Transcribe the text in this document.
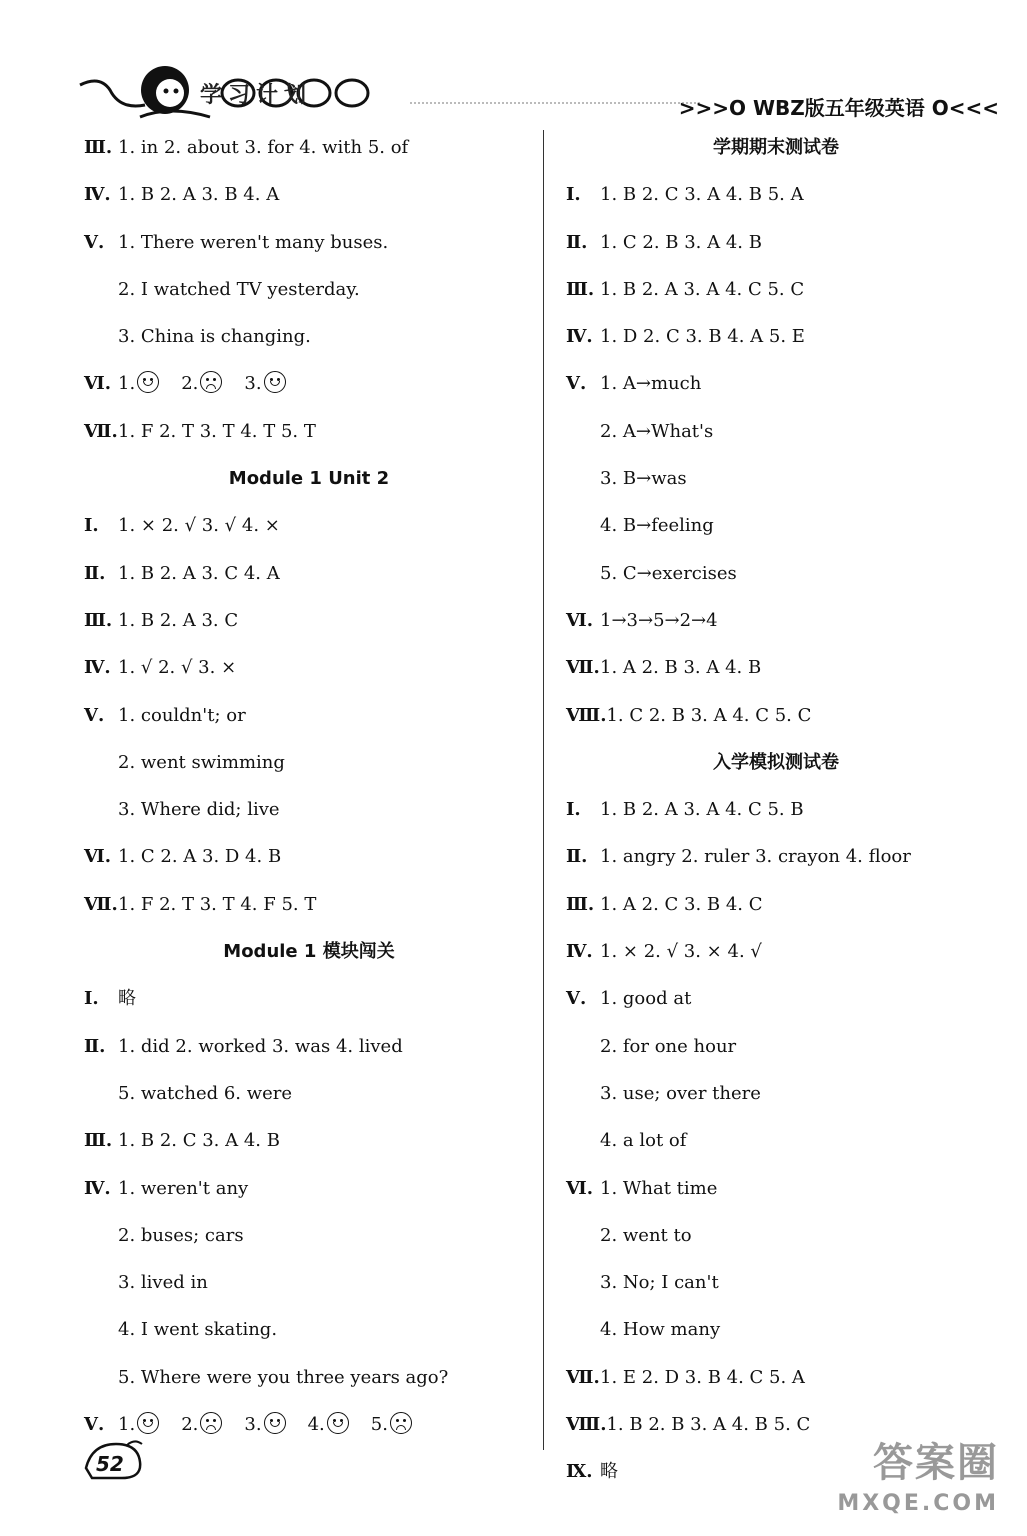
学习计划	>>>O WBZ版五年级英语 O<<<
Ⅲ. 1. in 2. about 3. for 4. with 5. of
Ⅳ. 1. B 2. A 3. B 4. A
Ⅴ. 1. There weren't many buses.
2. I watched TV yesterday.
3. China is changing.
Ⅵ. 1.	2.	3.
Ⅶ.1. F 2. T 3. T 4. T 5. T
Module 1 Unit 2
Ⅰ. 1. × 2. √ 3. √ 4. ×
Ⅱ. 1. B 2. A 3. C 4. A
Ⅲ. 1. B 2. A 3. C
Ⅳ. 1. √ 2. √ 3. ×
Ⅴ. 1. couldn't; or
2. went swimming
3. Where did; live
Ⅵ. 1. C 2. A 3. D 4. B
Ⅶ.1. F 2. T 3. T 4. F 5. T
Module 1 模块闯关
Ⅰ. 略
Ⅱ. 1. did 2. worked 3. was 4. lived
5. watched 6. were
Ⅲ. 1. B 2. C 3. A 4. B
Ⅳ. 1. weren't any
2. buses; cars
3. lived in
4. I went skating.
5. Where were you three years ago?
Ⅴ. 1.	2.	3.	4.	5.
学期期末测试卷
Ⅰ. 1. B 2. C 3. A 4. B 5. A
Ⅱ. 1. C 2. B 3. A 4. B
Ⅲ. 1. B 2. A 3. A 4. C 5. C
Ⅳ. 1. D 2. C 3. B 4. A 5. E
Ⅴ. 1. A→much
2. A→What's
3. B→was
4. B→feeling
5. C→exercises
Ⅵ. 1→3→5→2→4
Ⅶ.1. A 2. B 3. A 4. B
Ⅷ.1. C 2. B 3. A 4. C 5. C
入学模拟测试卷
Ⅰ. 1. B 2. A 3. A 4. C 5. B
Ⅱ. 1. angry 2. ruler 3. crayon 4. floor
Ⅲ. 1. A 2. C 3. B 4. C
Ⅳ. 1. × 2. √ 3. × 4. √
Ⅴ. 1. good at
2. for one hour
3. use; over there
4. a lot of
Ⅵ. 1. What time
2. went to
3. No; I can't
4. How many
Ⅶ.1. E 2. D 3. B 4. C 5. A
Ⅷ.1. B 2. B 3. A 4. B 5. C
Ⅸ. 略
52	答案圈
MXQE.COM
